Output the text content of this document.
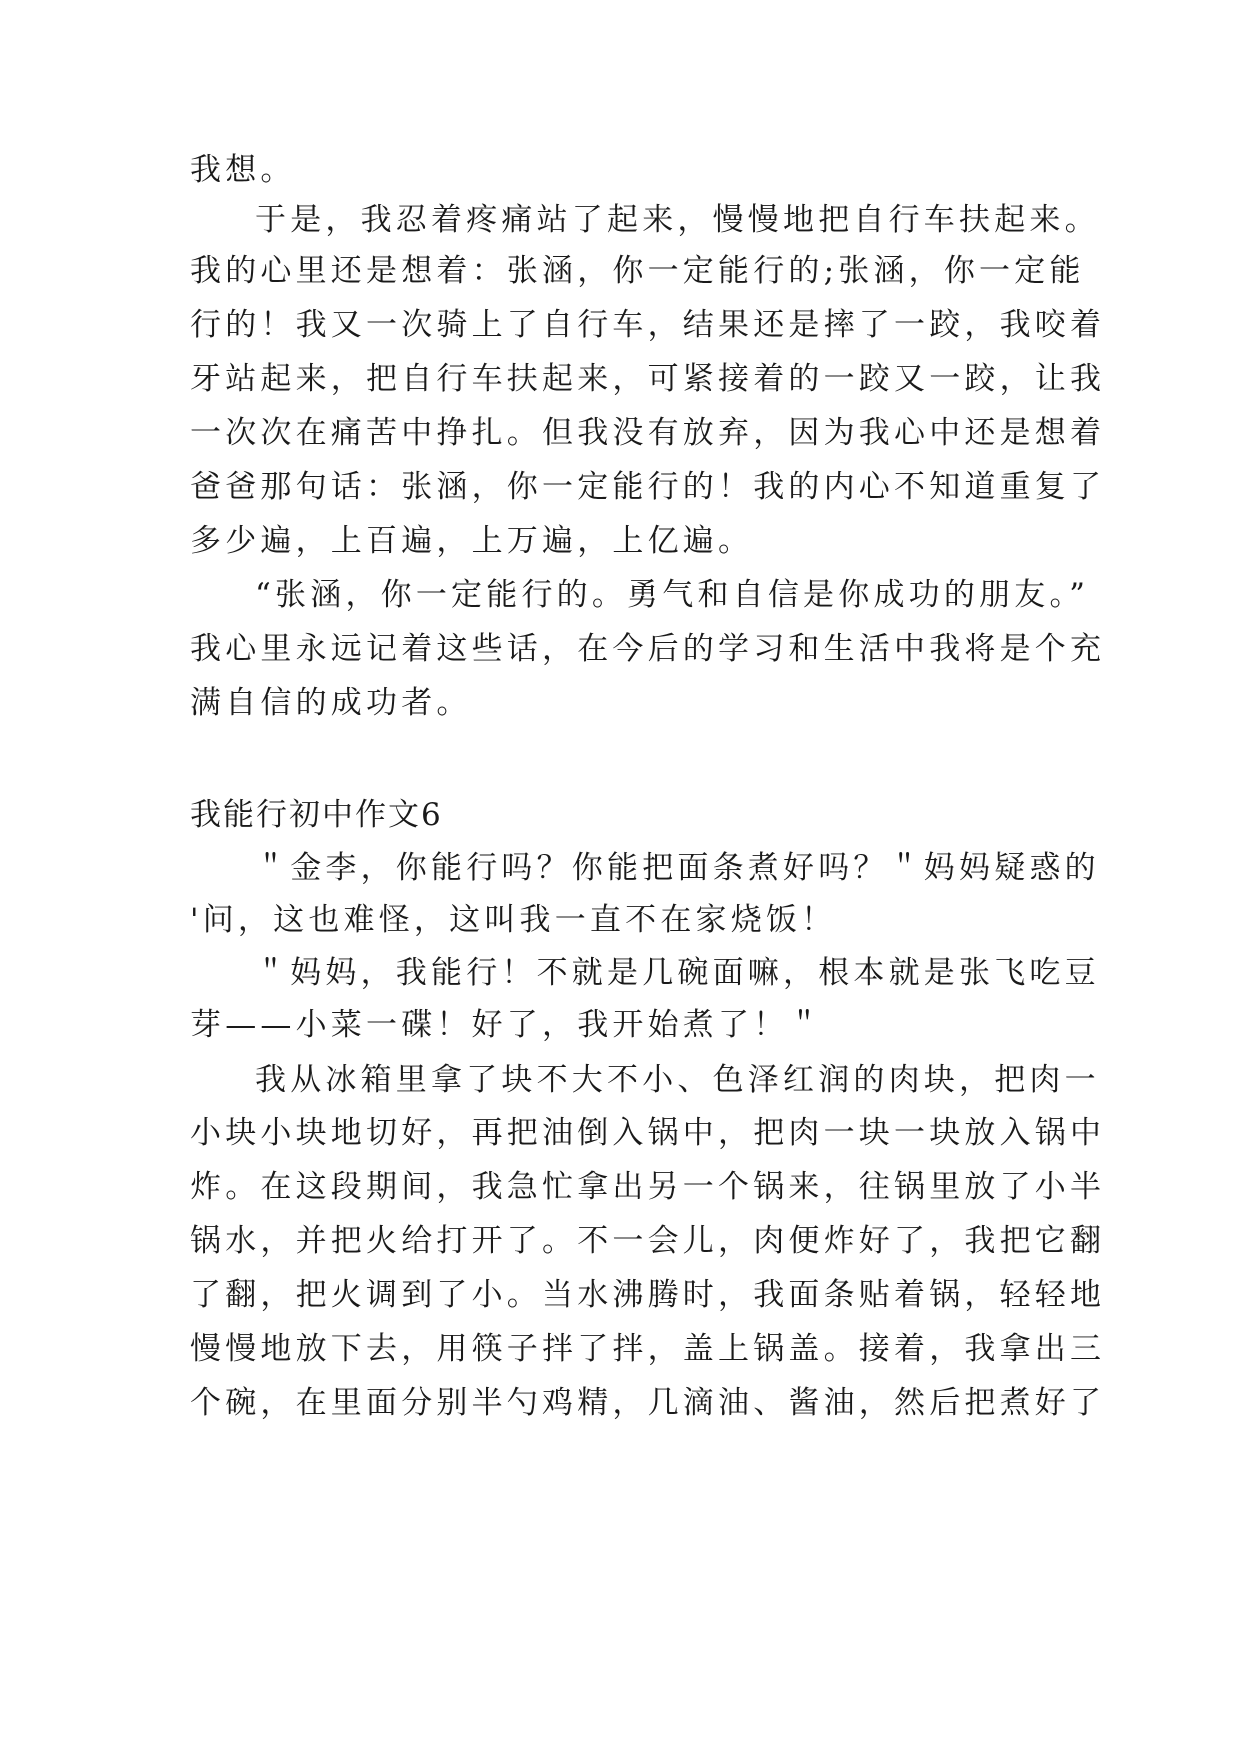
我想。
于是，我忍着疼痛站了起来，慢慢地把自行车扶起来。
我的心里还是想着：张涵，你一定能行的;张涵，你一定能
行的！我又一次骑上了自行车，结果还是摔了一跤，我咬着
牙站起来，把自行车扶起来，可紧接着的一跤又一跤，让我
一次次在痛苦中挣扎。但我没有放弃，因为我心中还是想着
爸爸那句话：张涵，你一定能行的！我的内心不知道重复了
多少遍，上百遍，上万遍，上亿遍。
“张涵，你一定能行的。勇气和自信是你成功的朋友。”
我心里永远记着这些话，在今后的学习和生活中我将是个充
满自信的成功者。
我能行初中作文6
＂金李，你能行吗？你能把面条煮好吗？＂妈妈疑惑的
'问，这也难怪，这叫我一直不在家烧饭！
＂妈妈，我能行！不就是几碗面嘛，根本就是张飞吃豆
芽——小菜一碟！好了，我开始煮了！＂
我从冰箱里拿了块不大不小、色泽红润的肉块，把肉一
小块小块地切好，再把油倒入锅中，把肉一块一块放入锅中
炸。在这段期间，我急忙拿出另一个锅来，往锅里放了小半
锅水，并把火给打开了。不一会儿，肉便炸好了，我把它翻
了翻，把火调到了小。当水沸腾时，我面条贴着锅，轻轻地
慢慢地放下去，用筷子拌了拌，盖上锅盖。接着，我拿出三
个碗，在里面分别半勺鸡精，几滴油、酱油，然后把煮好了
